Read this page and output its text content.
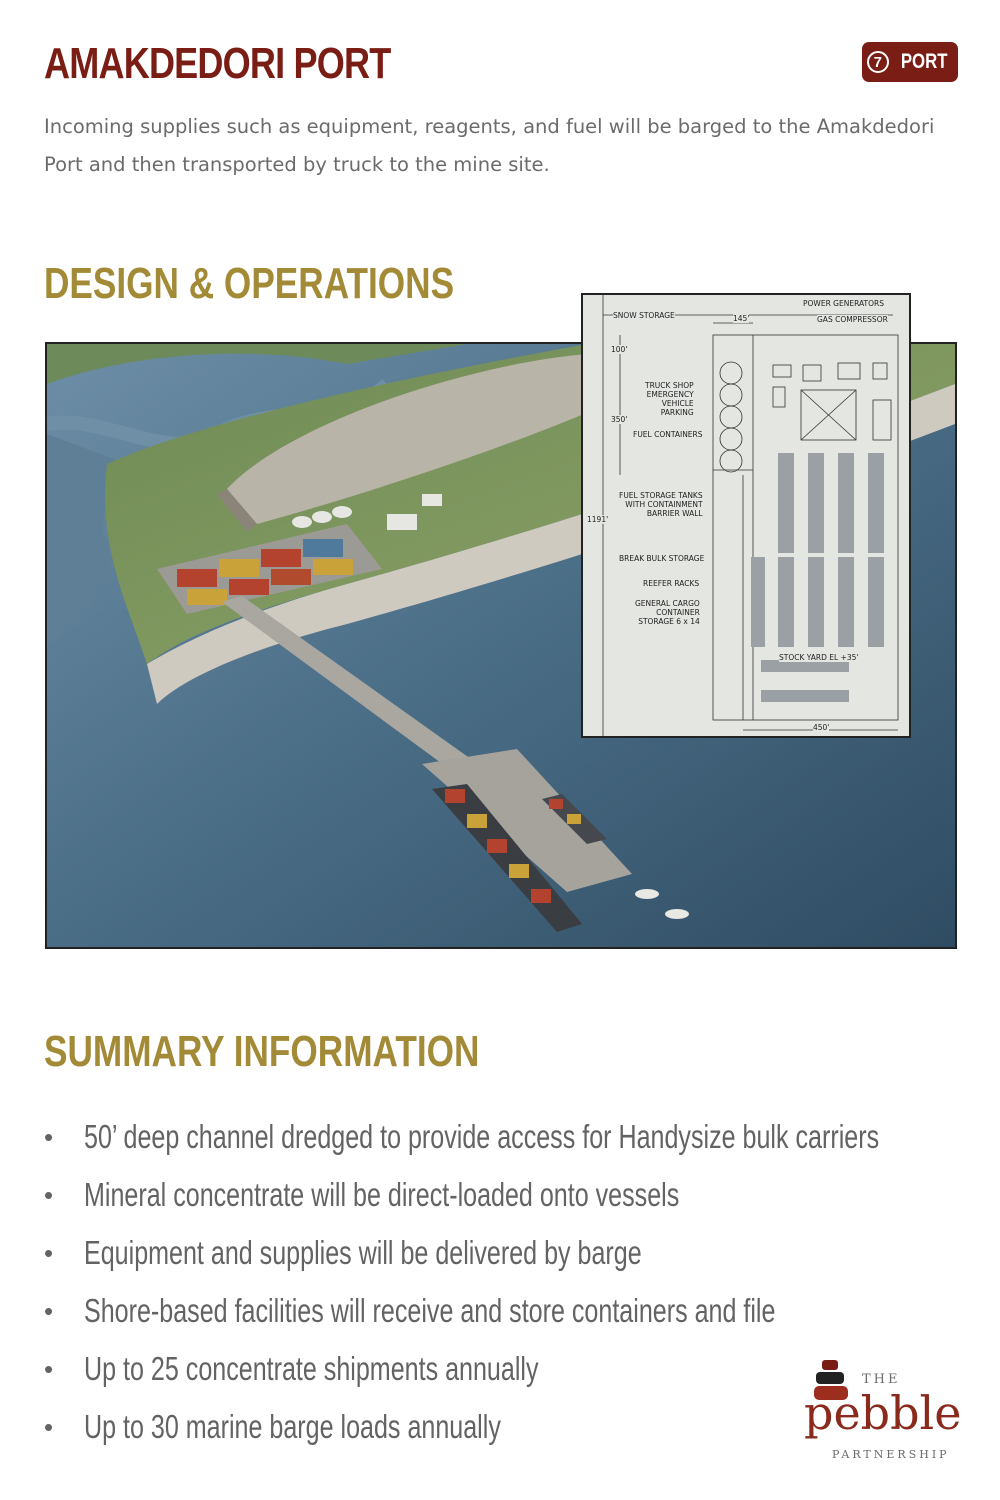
AMAKDEDORI PORT	7 PORT

Incoming supplies such as equipment, reagents, and fuel will be barged to the Amakdedori Port and then transported by truck to the mine site.

DESIGN & OPERATIONS
SNOW STORAGE
POWER GENERATORS
GAS COMPRESSOR
TRUCK SHOP
EMERGENCY
VEHICLE
PARKING
FUEL CONTAINERS
FUEL STORAGE TANKS
WITH CONTAINMENT
BARRIER WALL
BREAK BULK STORAGE
REEFER RACKS
GENERAL CARGO
CONTAINER
STORAGE 6 x 14
STOCK YARD EL +35'
145'
100'
350'
1191'
450'
SUMMARY INFORMATION
• 50’ deep channel dredged to provide access for Handysize bulk carriers
• Mineral concentrate will be direct-loaded onto vessels
• Equipment and supplies will be delivered by barge
• Shore-based facilities will receive and store containers and file
• Up to 25 concentrate shipments annually
• Up to 30 marine barge loads annually
THE
pebble
PARTNERSHIP
